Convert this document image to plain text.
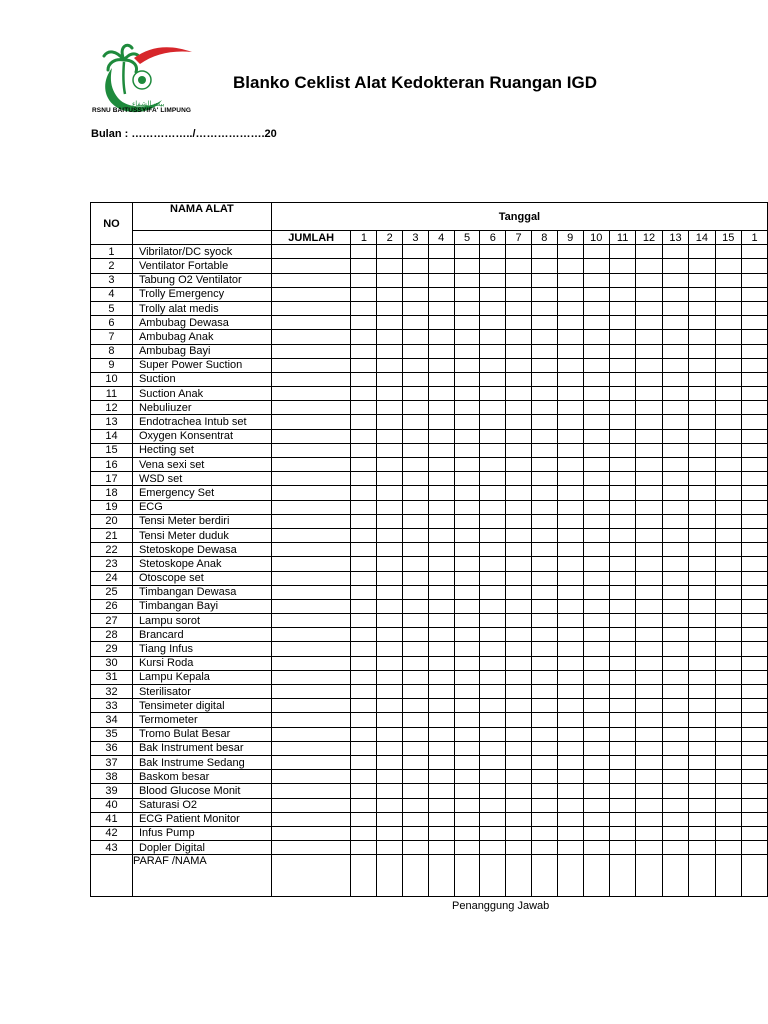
بيت الشفاء
RSNU BAITUSSYIFA' LIMPUNG
Blanko Ceklist Alat Kedokteran Ruangan IGD
Bulan : ……………../……………….20
NO	NAMA ALAT	Tanggal																
		JUMLAH	1	2	3	4	5	6	7	8	9	10	11	12	13	14	15	1
1	Vibrilator/DC syock																	
2	Ventilator Fortable																	
3	Tabung O2 Ventilator																	
4	Trolly Emergency																	
5	Trolly alat medis																	
6	Ambubag Dewasa																	
7	Ambubag Anak																	
8	Ambubag Bayi																	
9	Super Power Suction																	
10	Suction																	
11	Suction Anak																	
12	Nebuliuzer																	
13	Endotrachea Intub set																	
14	Oxygen Konsentrat																	
15	Hecting set																	
16	Vena sexi set																	
17	WSD set																	
18	Emergency Set																	
19	ECG																	
20	Tensi Meter berdiri																	
21	Tensi Meter duduk																	
22	Stetoskope Dewasa																	
23	Stetoskope Anak																	
24	Otoscope set																	
25	Timbangan Dewasa																	
26	Timbangan Bayi																	
27	Lampu sorot																	
28	Brancard																	
29	Tiang Infus																	
30	Kursi Roda																	
31	Lampu Kepala																	
32	Sterilisator																	
33	Tensimeter digital																	
34	Termometer																	
35	Tromo Bulat Besar																	
36	Bak Instrument besar																	
37	Bak Instrume Sedang																	
38	Baskom besar																	
39	Blood Glucose Monit																	
40	Saturasi O2																	
41	ECG Patient Monitor																	
42	Infus Pump																	
43	Dopler Digital																	
	PARAF /NAMA																	
Penanggung Jawab
